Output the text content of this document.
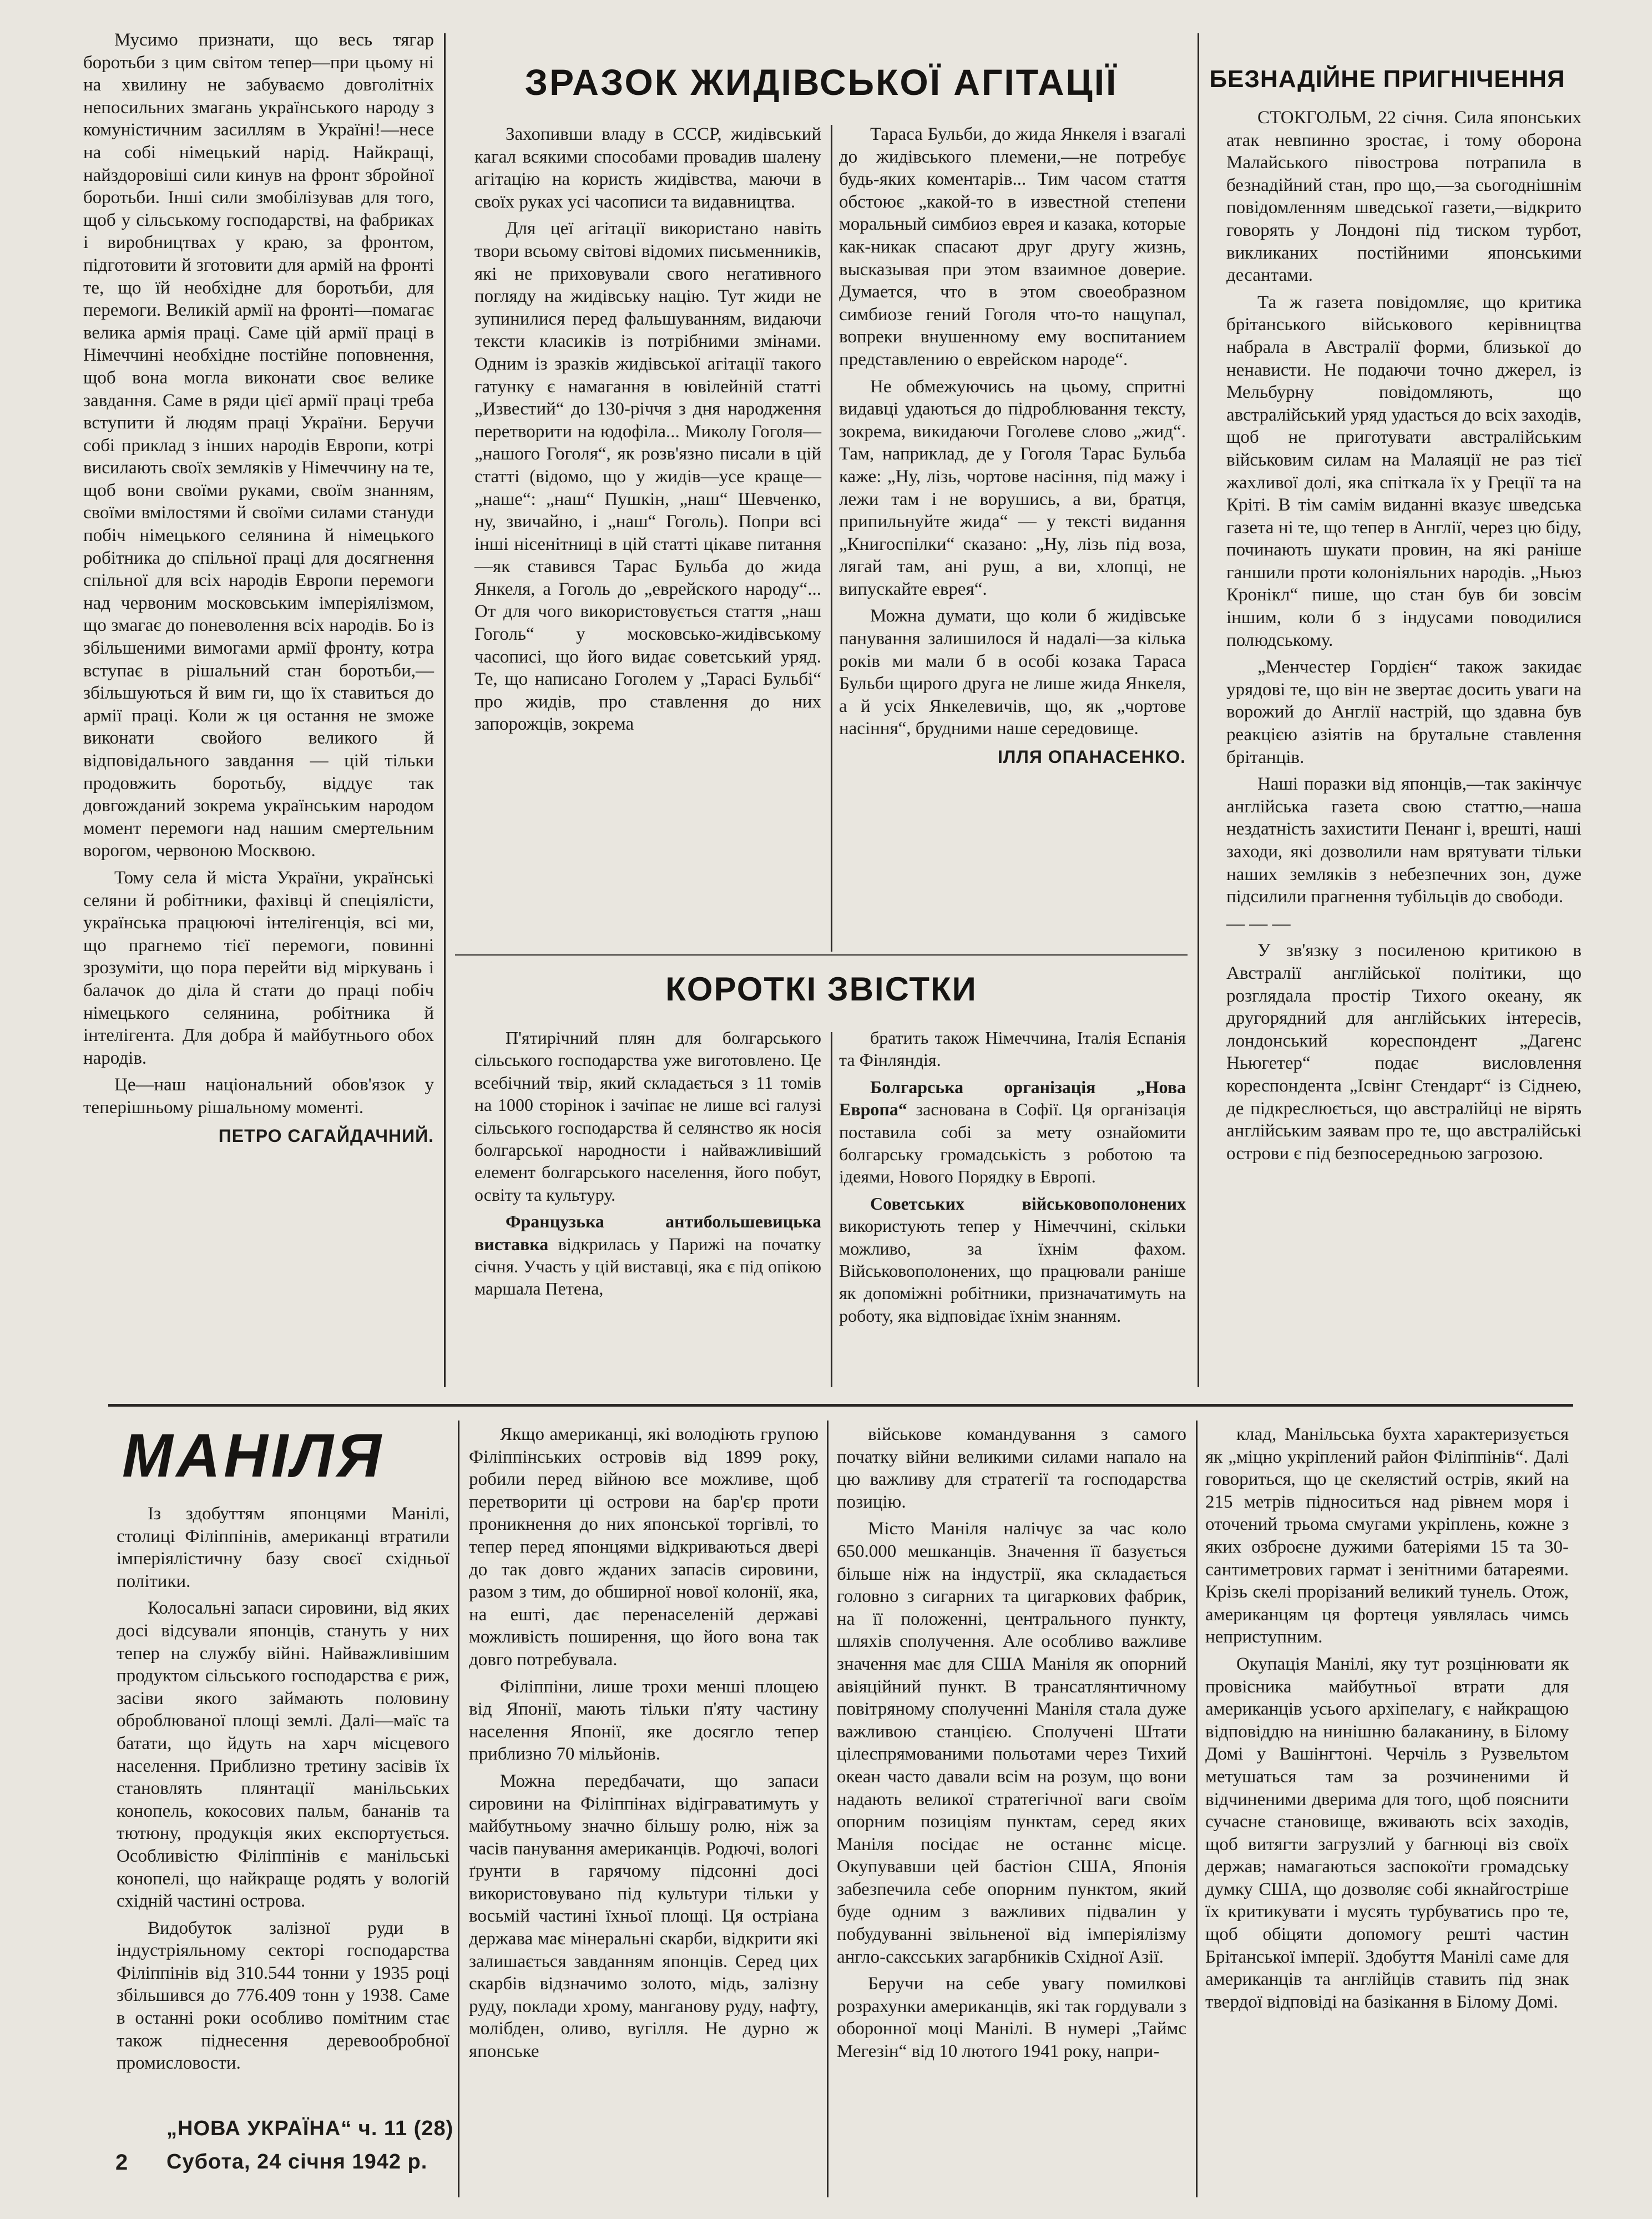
Мусимо признати, що весь тягар боротьби з цим світом тепер—при цьому ні на хвилину не забуваємо довголітніх непосильних змагань українського народу з комуністичним засиллям в Україні!—несе на собі німецький нарід. Найкращі, найздоровіші сили кинув на фронт збройної боротьби. Інші сили змобілізував для того, щоб у сільському господарстві, на фабриках і виробництвах у краю, за фронтом, підготовити й зготовити для армій на фронті те, що їй необхідне для боротьби, для перемоги. Великій армії на фронті—помагає велика армія праці. Саме цій армії праці в Німеччині необхідне постійне поповнення, щоб вона могла виконати своє велике завдання. Саме в ряди цієї армії праці треба вступити й людям праці України. Беручи собі приклад з інших народів Европи, котрі висилають своїх земляків у Німеччину на те, щоб вони своїми руками, своїм знанням, своїми вмілостями й своїми силами стануди побіч німецького селянина й німецького робітника до спільної праці для досягнення спільної для всіх народів Европи перемоги над червоним московським імперіялізмом, що змагає до поневолення всіх народів. Бо із збільшеними вимогами армії фронту, котра вступає в рішальний стан боротьби,—збільшуються й вим ги, що їх ставиться до армії праці. Коли ж ця остання не зможе виконати свойого великого й відповідального завдання — цій тільки продовжить боротьбу, віддує так довгожданий зокрема українським народом момент перемоги над нашим смертельним ворогом, червоною Москвою.

Тому села й міста України, українські селяни й робітники, фахівці й спеціялісти, українська працюючі інтелігенція, всі ми, що прагнемо тієї перемоги, повинні зрозуміти, що пора перейти від міркувань і балачок до діла й стати до праці побіч німецького селянина, робітника й інтелігента. Для добра й майбутнього обох народів.

Це—наш національний обов'язок у теперішньому рішальному моменті.

ПЕТРО САГАЙДАЧНИЙ.
ЗРАЗОК ЖИДІВСЬКОЇ АГІТАЦІЇ

Захопивши владу в СССР, жидівський кагал всякими способами провадив шалену агітацію на користь жидівства, маючи в своїх руках усі часописи та видавництва.

Для цеї агітації використано навіть твори всьому світові відомих письменників, які не приховували свого негативного погляду на жидівську націю. Тут жиди не зупинилися перед фальшуванням, видаючи тексти класиків із потрібними змінами. Одним із зразків жидівської агітації такого гатунку є намагання в ювілейній статті „Известий“ до 130-річчя з дня народження перетворити на юдофіла... Миколу Гоголя—„нашого Гоголя“, як розв'язно писали в цій статті (відомо, що у жидів—усе краще—„наше“: „наш“ Пушкін, „наш“ Шевченко, ну, звичайно, і „наш“ Гоголь). Попри всі інші нісенітниці в цій статті цікаве питання—як ставився Тарас Бульба до жида Янкеля, а Гоголь до „еврейского народу“... От для чого використовується стаття „наш Гоголь“ у московсько-жидівському часописі, що його видає советський уряд. Те, що написано Гоголем у „Тарасі Бульбі“ про жидів, про ставлення до них запорожців, зокрема

Тараса Бульби, до жида Янкеля і взагалі до жидівського племени,—не потребує будь-яких коментарів... Тим часом стаття обстоює „какой-то в известной степени моральный симбиоз еврея и казака, которые как-никак спасают друг другу жизнь, высказывая при этом взаимное доверие. Думается, что в этом своеобразном симбиозе гений Гоголя что-то нащупал, вопреки внушенному ему воспитанием представлению о еврейском народе“.

Не обмежуючись на цьому, спритні видавці удаються до підроблювання тексту, зокрема, викидаючи Гоголеве слово „жид“. Там, наприклад, де у Гоголя Тарас Бульба каже: „Ну, лізь, чортове насіння, під мажу і лежи там і не ворушись, а ви, братця, припильнуйте жида“ — у тексті видання „Книгоспілки“ сказано: „Ну, лізь під воза, лягай там, ані руш, а ви, хлопці, не випускайте еврея“.

Можна думати, що коли б жидівське панування залишилося й надалі—за кілька років ми мали б в особі козака Тараса Бульби щирого друга не лише жида Янкеля, а й усіх Янкелевичів, що, як „чортове насіння“, брудними наше середовище.

ІЛЛЯ ОПАНАСЕНКО.
КОРОТКІ ЗВІСТКИ

П'ятирічний плян для болгарського сільського господарства уже виготовлено. Це всебічний твір, який складається з 11 томів на 1000 сторінок і зачіпає не лише всі галузі сільського господарства й селянство як носія болгарської народности і найважливіший елемент болгарського населення, його побут, освіту та культуру.

Французька антибольшевицька виставка відкрилась у Парижі на початку січня. Участь у цій виставці, яка є під опікою маршала Петена,

братить також Німеччина, Італія Еспанія та Фінляндія.

Болгарська організація „Нова Европа“ заснована в Софії. Ця організація поставила собі за мету ознайомити болгарську громадськість з роботою та ідеями, Нового Порядку в Европі.

Советських військовополонених використують тепер у Німеччині, скільки можливо, за їхнім фахом. Військовополонених, що працювали раніше як допоміжні робітники, призначатимуть на роботу, яка відповідає їхнім знанням.

БЕЗНАДІЙНЕ ПРИГНІЧЕННЯ

СТОКГОЛЬМ, 22 січня. Сила японських атак невпинно зростає, і тому оборона Малайського півострова потрапила в безнадійний стан, про що,—за сьогоднішнім повідомленням шведської газети,—відкрито говорять у Лондоні під тиском турбот, викликаних постійними японськими десантами.

Та ж газета повідомляє, що критика брітанського військового керівництва набрала в Австралії форми, близької до ненависти. Не подаючи точно джерел, із Мельбурну повідомляють, що австралійський уряд удасться до всіх заходів, щоб не приготувати австралійським військовим силам на Малаяції не раз тієї жахливої долі, яка спіткала їх у Греції та на Кріті. В тім самім виданні вказує шведська газета ні те, що тепер в Англії, через цю біду, починають шукати провин, на які раніше ганшили проти колоніяльних народів. „Ньюз Кронікл“ пише, що стан був би зовсім іншим, коли б з індусами поводилися полюдському.

„Менчестер Гордієн“ також закидає урядові те, що він не звертає досить уваги на ворожий до Англії настрій, що здавна був реакцією азіятів на брутальне ставлення брітанців.

Наші поразки від японців,—так закінчує англійська газета свою статтю,—наша нездатність захистити Пенанг і, врешті, наші заходи, які дозволили нам врятувати тільки наших земляків з небезпечних зон, дуже підсилили прагнення тубільців до свободи.

— — —

У зв'язку з посиленою критикою в Австралії англійської політики, що розглядала простір Тихого океану, як другорядний для англійських інтересів, лондонський кореспондент „Дагенс Ньюгетер“ подає висловлення кореспондента „Ісвінг Стендарт“ із Сіднею, де підкреслюється, що австралійці не вірять англійським заявам про те, що австралійські острови є під безпосередньою загрозою.

МАНІЛЯ

Із здобуттям японцями Манілі, столиці Філіппінів, американці втратили імперіялістичну базу своєї східньої політики.

Колосальні запаси сировини, від яких досі відсували японців, стануть у них тепер на службу війні. Найважливішим продуктом сільського господарства є риж, засіви якого займають половину оброблюваної площі землі. Далі—маїс та батати, що йдуть на харч місцевого населення. Приблизно третину засівів їх становлять плянтації манільських конопель, кокосових пальм, бананів та тютюну, продукція яких експортується. Особливістю Філіппінів є манільські конопелі, що найкраще родять у вологій східній частині острова.

Видобуток залізної руди в індустріяльному секторі господарства Філіппінів від 310.544 тонни у 1935 році збільшився до 776.409 тонн у 1938. Саме в останні роки особливо помітним стає також піднесення деревообробної промисловости.

Якщо американці, які володіють групою Філіппінських островів від 1899 року, робили перед війною все можливе, щоб перетворити ці острови на бар'єр проти проникнення до них японської торгівлі, то тепер перед японцями відкриваються двері до так довго жданих запасів сировини, разом з тим, до обширної нової колонії, яка, на ешті, дає перенаселеній державі можливість поширення, що його вона так довго потребувала.

Філіппіни, лише трохи менші площею від Японії, мають тільки п'яту частину населення Японії, яке досягло тепер приблизно 70 мільйонів.

Можна передбачати, що запаси сировини на Філіппінах відіграватимуть у майбутньому значно більшу ролю, ніж за часів панування американців. Родючі, вологі ґрунти в гарячому підсонні досі використовувано під культури тільки у восьмій частині їхньої площі. Ця остріана держава має мінеральні скарби, відкрити які залишається завданням японців. Серед цих скарбів відзначимо золото, мідь, залізну руду, поклади хрому, манганову руду, нафту, молібден, оливо, вугілля. Не дурно ж японське

військове командування з самого початку війни великими силами напало на цю важливу для стратегії та господарства позицію.

Місто Маніля налічує за час коло 650.000 мешканців. Значення її базується більше ніж на індустрії, яка складається головно з сигарних та цигаркових фабрик, на її положенні, центрального пункту, шляхів сполучення. Але особливо важливе значення має для США Маніля як опорний авіяційний пункт. В трансатлянтичному повітряному сполученні Маніля стала дуже важливою станцією. Сполучені Штати цілеспрямованими польотами через Тихий океан часто давали всім на розум, що вони надають великої стратегічної ваги своїм опорним позиціям пунктам, серед яких Маніля посідає не останнє місце. Окупувавши цей бастіон США, Японія забезпечила себе опорним пунктом, який буде одним з важливих підвалин у побудуванні звільненої від імперіялізму англо-саксських загарбників Східної Азії.

Беручи на себе увагу помилкові розрахунки американців, які так гордували з оборонної моці Манілі. В нумері „Таймс Мегезін“ від 10 лютого 1941 року, напри-

клад, Манільська бухта характеризується як „міцно укріплений район Філіппінів“. Далі говориться, що це скелястий острів, який на 215 метрів підноситься над рівнем моря і оточений трьома смугами укріплень, кожне з яких озброєне дужими батеріями 15 та 30-сантиметрових гармат і зенітними батареями. Крізь скелі прорізаний великий тунель. Отож, американцям ця фортеця уявлялась чимсь неприступним.

Окупація Манілі, яку тут розцінювати як провісника майбутньої втрати для американців усього архіпелагу, є найкращою відповіддю на нинішню балаканину, в Білому Домі у Вашінгтоні. Черчіль з Рузвельтом метушаться там за розчиненими й відчиненими дверима для того, щоб пояснити сучасне становище, вживають всіх заходів, щоб витягти загрузлий у багнюці віз своїх держав; намагаються заспокоїти громадську думку США, що дозволяє собі якнайгостріше їх критикувати і мусять турбуватись про те, щоб обіцяти допомогу решті частин Брітанської імперії. Здобуття Манілі саме для американців та англійців ставить під знак твердої відповіді на базікання в Білому Домі.

2
„НОВА УКРАЇНА“ ч. 11 (28)
Субота, 24 січня 1942 р.
